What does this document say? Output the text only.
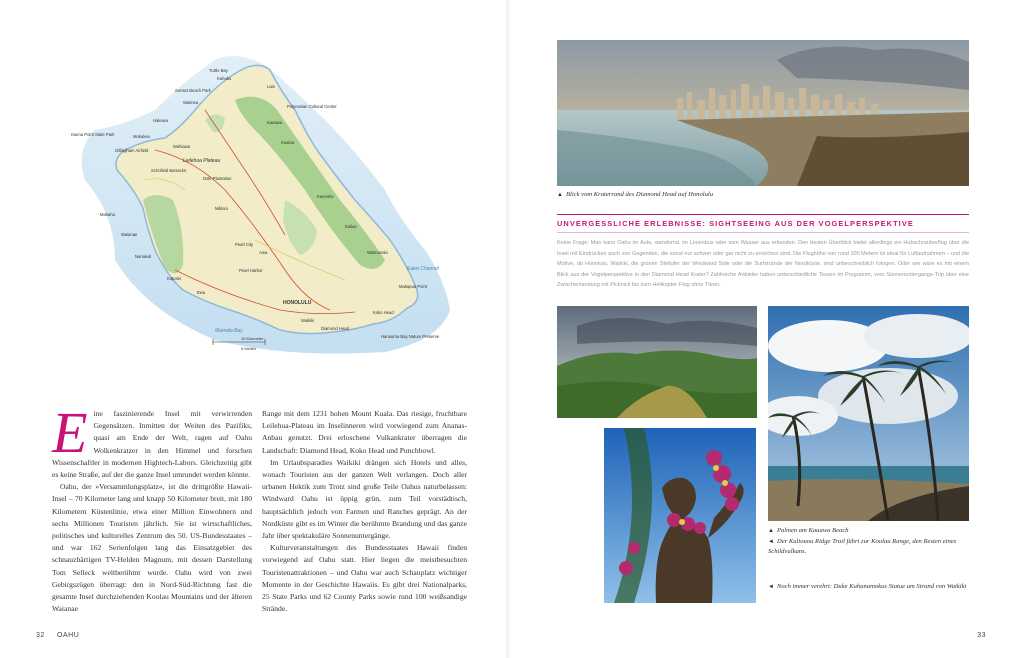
Turtle Bay
Kahuku
Sunset Beach Park
Waimea
Haleiwa
Mokuleia
Kaena Point State Park
Dillingham Airfield
Wahiawa
Schofield Barracks
Leilehua Plateau
Dole Plantation
Kaaawa
Kualoa
Kaneohe
Kailua
Waimanalo
Makaha
Waianae
Nanakuli
Kapolei
Ewa
Mililani
Pearl City
Aiea
Pearl Harbor
HONOLULU
Waikiki
Diamond Head
Koko Head
Hanauma Bay Nature Preserve
Makapuu Point
Polynesian Cultural Center
Laie
Mamala Bay
Kaiwi Channel
10 Kilometer
5 Meilen
E ine faszinierende Insel mit verwirrenden Gegensätzen. Inmitten der Weiten des Pazifiks, quasi am Ende der Welt, ragen auf Oahu Wolkenkratzer in den Himmel und forschen Wissenschaftler in modernen Hightech-Labors. Gleichzeitig gibt es keine Straße, auf der die ganze Insel umrundet werden könnte.

Oahu, der »Versammlungsplatz«, ist die drittgrößte Hawaii-Insel – 70 Kilometer lang und knapp 50 Kilometer breit, mit 180 Kilometern Küstenlinie, etwa einer Million Einwohnern und sechs Millionen Touristen jährlich. Sie ist wirtschaftliches, politisches und kulturelles Zentrum des 50. US-Bundesstaates – und war 162 Serienfolgen lang das Einsatzgebiet des schnauzbärtigen TV-Helden Magnum, mit dessen Darstellung Tom Selleck weltberühmt wurde. Oahu wird von zwei Gebirgszügen überragt: den in Nord-Süd-Richtung fast die gesamte Insel durchziehenden Koolau Mountains und der älteren Waianae

Range mit dem 1231 hohen Mount Kuala. Das riesige, fruchtbare Leilehua-Plateau im Inselinneren wird vorwiegend zum Ananas-Anbau genutzt. Drei erloschene Vulkankrater überragen die Landschaft: Diamond Head, Koko Head und Punchbowl.

Im Urlaubsparadies Waikiki drängen sich Hotels und alles, wonach Touristen aus der ganzen Welt verlangen. Doch aller urbanen Hektik zum Trotz sind große Teile Oahus naturbelassen: Windward Oahu ist üppig grün, zum Teil vorstädtisch, hauptsächlich jedoch von Farmen und Ranches geprägt. An der Nordküste gibt es im Winter die berühmte Brandung und das ganze Jahr über spektakuläre Sonnenuntergänge.

Kulturveranstaltungen des Bundesstaates Hawaii finden vorwiegend auf Oahu statt. Hier liegen die meistbesuchten Touristenattraktionen – und Oahu war auch Schauplatz wichtiger Momente in der Geschichte Hawaiis. Es gibt drei Nationalparks, 25 State Parks und 62 County Parks sowie rund 100 weißsandige Strände.

32 OAHU
▲ Blick vom Kraterrand des Diamond Head auf Honolulu
UNVERGESSLICHE ERLEBNISSE: SIGHTSEEING AUS DER VOGELPERSPEKTIVE
Keine Frage: Man kann Oahu im Auto, wandernd, im Linienbus oder vom Wasser aus erkunden. Den besten Überblick bietet allerdings ein Hubschrauberflug über die Insel mit Eindrücken auch von Gegenden, die sonst nur schwer oder gar nicht zu erreichen sind. Die Flughöhe von rund 100 Metern ist ideal für Luftaufnahmen – und die Motive, ob Honolulu, Waikiki, die grünen Steilufer der Windward Side oder die Surfstrände der Nordküste, sind unbeschreiblich fotogen. Oder wie wäre es mit einem Blick aus der Vogelperspektive in den Diamond Head Krater? Zahlreiche Anbieter haben unterschiedliche Touren im Programm, vom Sonnenuntergangs-Trip über eine Zwischenlandung mit Picknick bis zum Helikopter-Flug ohne Türen.
▲ Palmen am Kaaawa Beach
◄ Der Kuliouou Ridge Trail führt zur Koolau Range, den Resten eines Schildvulkans.
◄ Noch immer verehrt: Duke Kahanamokus Statue am Strand von Waikiki
33
